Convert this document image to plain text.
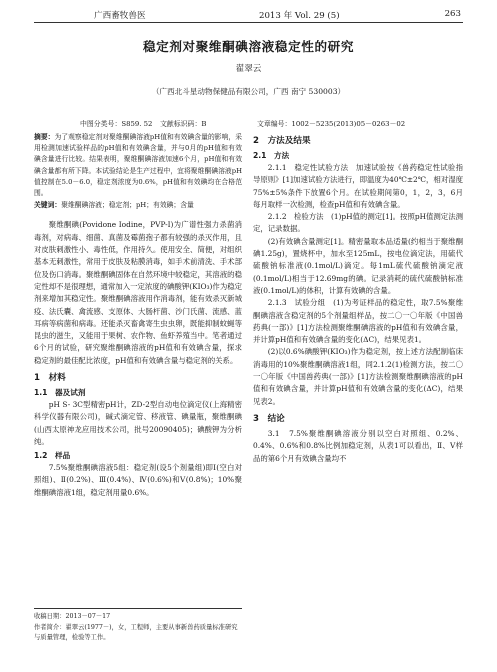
广西畜牧兽医	2013 年 Vol. 29 (5)	263
稳定剂对聚维酮碘溶液稳定性的研究
翟翠云
（广西北斗星动物保健品有限公司，广西 南宁 530003）
中图分类号：S859. 52 文献标识码：B	文章编号：1002－5235(2013)05－0263－02
摘要：为了观察稳定剂对聚维酮碘溶液pH值和有效碘含量的影响，采用检测加速试验样品的pH值和有效碘含量，并与0月的pH值和有效碘含量进行比较。结果表明，聚维酮碘溶液加速6个月，pH值和有效碘含量都有所下降。本试验结论是生产过程中，宜将聚维酮碘溶液pH值控制在5.0－6.0，稳定剂浓度为0.6%，pH值和有效碘均在合格范围。
关键词：聚维酮碘溶液；稳定剂；pH；有效碘；含量

聚维酮碘(Povidone Iodine，PVP-I)为广谱性强力杀菌消毒剂，对病毒、细菌、真菌及霉菌孢子都有较强的杀灭作用，且对皮肤刺激性小、毒性低，作用持久。使用安全、简便，对组织基本无刺激性，常用于皮肤及粘膜消毒，如手术前清洗、手术部位及伤口消毒。聚维酮碘固体在自然环境中较稳定，其溶液的稳定性却不是很理想，通常加入一定浓度的碘酸钾(KIO₃)作为稳定剂来增加其稳定性。聚维酮碘溶液用作消毒剂，能有效杀灭新城疫、法氏囊、禽流感、支原体、大肠杆菌、沙门氏菌、流感、蓝耳病等病菌和病毒。还能杀灭畜禽寄生虫虫卵，既能抑制蚊蝇等昆虫的滋生，又能用于果树、农作物、鱼虾养殖当中。笔者通过6个月的试验，研究聚维酮碘溶液的pH值和有效碘含量，探求稳定剂的最佳配比浓度，pH值和有效碘含量与稳定剂的关系。

1　材料
1.1　器及试剂

pH S- 3C型精密pH计，ZD-2型自动电位滴定仪(上海精密科学仪器有限公司)，碱式滴定管、移液管、碘量瓶，聚维酮碘(山西太原神龙应用技术公司，批号20090405)；碘酸钾为分析纯。

1.2　样品

7.5%聚维酮碘溶液5组：稳定剂(设5个剂量组)即Ⅰ(空白对照组)、Ⅱ(0.2%)、Ⅲ(0.4%)、Ⅳ(0.6%)和Ⅴ(0.8%)；10%聚维酮碘溶液1组，稳定剂用量0.6%。

2　方法及结果
2.1　方法

2.1.1　稳定性试验方法　加速试验按《兽药稳定性试验指导原则》[1]加速试验方法进行，即温度为40℃±2℃，相对湿度75%±5%条件下放置6个月。在试验期间第0，1，2，3，6月每月取样一次检测，检查pH值和有效碘含量。

2.1.2　检验方法　(1)pH值的测定[1]。按照pH值测定法测定，记录数据。

(2)有效碘含量测定[1]。精密量取本品适量(约相当于聚维酮碘1.25g)，置烧杯中，加水至125mL，按电位滴定法，用硫代硫酸钠标准液(0.1mol/L)滴定。每1mL硫代硫酸钠滴定液(0.1mol/L)相当于12.69mg的碘。记录消耗的硫代硫酸钠标准液(0.1mol/L)的体积，计算有效碘的含量。

2.1.3　试验分组　(1)为考证样品的稳定性，取7.5%聚维酮碘溶液含稳定剂的5个剂量组样品，按二〇一〇年版《中国兽药典(一部)》[1]方法检测聚维酮碘溶液的pH值和有效碘含量，并计算pH值和有效碘含量的变化(ΔC)，结果见表1。

(2)以0.6%碘酸钾(KIO₃)作为稳定剂，按上述方法配制临床消毒用的10%聚维酮碘溶液1组，同2.1.2(1)检测方法，按二〇一〇年版《中国兽药典(一部)》[1]方法检测聚维酮碘溶液的pH值和有效碘含量，并计算pH值和有效碘含量的变化(ΔC)，结果见表2。

3　结论

3.1　7.5%聚维酮碘溶液分别以空白对照组、0.2%、0.4%、0.6%和0.8%比例加稳定剂，从表1可以看出，Ⅱ、Ⅴ样品的第6个月有效碘含量均不

收稿日期：2013－07－17
作者简介：翟翠云(1977－)，女，工程师，主要从事新兽药质量标准研究与质量管理，检验等工作。
